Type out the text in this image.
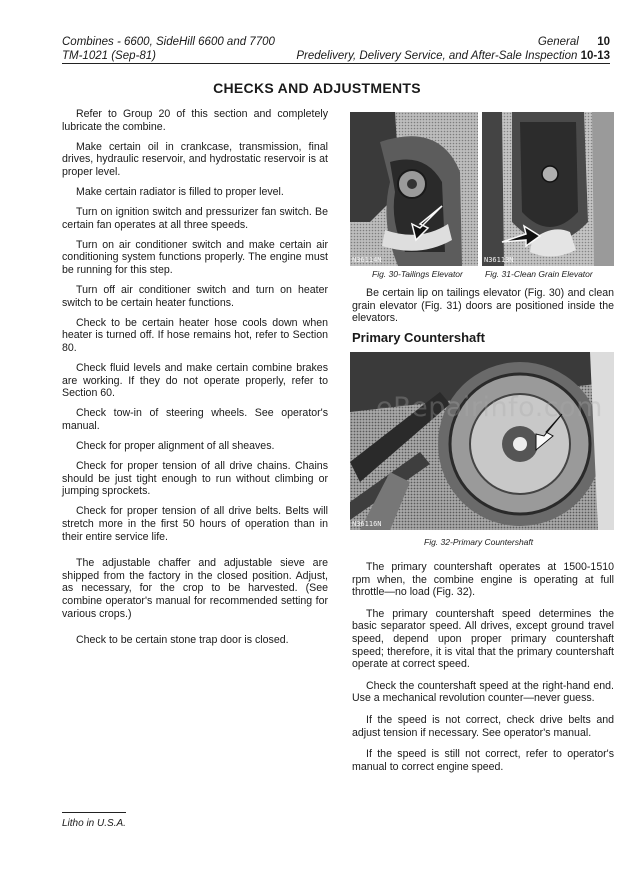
Combines - 6600, SideHill 6600 and 7700
TM-1021 (Sep-81)
General 10
Predelivery, Delivery Service, and After-Sale Inspection 10-13
CHECKS AND ADJUSTMENTS

Refer to Group 20 of this section and completely lubricate the combine.

Make certain oil in crankcase, transmission, final drives, hydraulic reservoir, and hydrostatic reservoir is at proper level.

Make certain radiator is filled to proper level.

Turn on ignition switch and pressurizer fan switch. Be certain fan operates at all three speeds.

Turn on air conditioner switch and make certain air conditioning system functions properly. The engine must be running for this step.

Turn off air conditioner switch and turn on heater switch to be certain heater functions.

Check to be certain heater hose cools down when heater is turned off. If hose remains hot, refer to Section 80.

Check fluid levels and make certain combine brakes are working. If they do not operate properly, refer to Section 60.

Check tow-in of steering wheels. See operator's manual.

Check for proper alignment of all sheaves.

Check for proper tension of all drive chains. Chains should be just tight enough to run without climbing or jumping sprockets.

Check for proper tension of all drive belts. Belts will stretch more in the first 50 hours of operation than in their entire service life.

The adjustable chaffer and adjustable sieve are shipped from the factory in the closed position. Adjust, as necessary, for the crop to be harvested. (See combine operator's manual for recommended setting for various crops.)

Check to be certain stone trap door is closed.

N36114N	N36113N
Fig. 30-Tailings Elevator	Fig. 31-Clean Grain Elevator

Be certain lip on tailings elevator (Fig. 30) and clean grain elevator (Fig. 31) doors are positioned inside the elevators.

Primary Countershaft
N36116N
eRepairinfo.com
Fig. 32-Primary Countershaft

The primary countershaft operates at 1500-1510 rpm when, the combine engine is operating at full throttle—no load (Fig. 32).

The primary countershaft speed determines the basic separator speed. All drives, except ground travel speed, depend upon proper primary countershaft speed; therefore, it is vital that the primary countershaft operate at correct speed.

Check the countershaft speed at the right-hand end. Use a mechanical revolution counter—never guess.

If the speed is not correct, check drive belts and adjust tension if necessary. See operator's manual.

If the speed is still not correct, refer to operator's manual to correct engine speed.

Litho in U.S.A.
